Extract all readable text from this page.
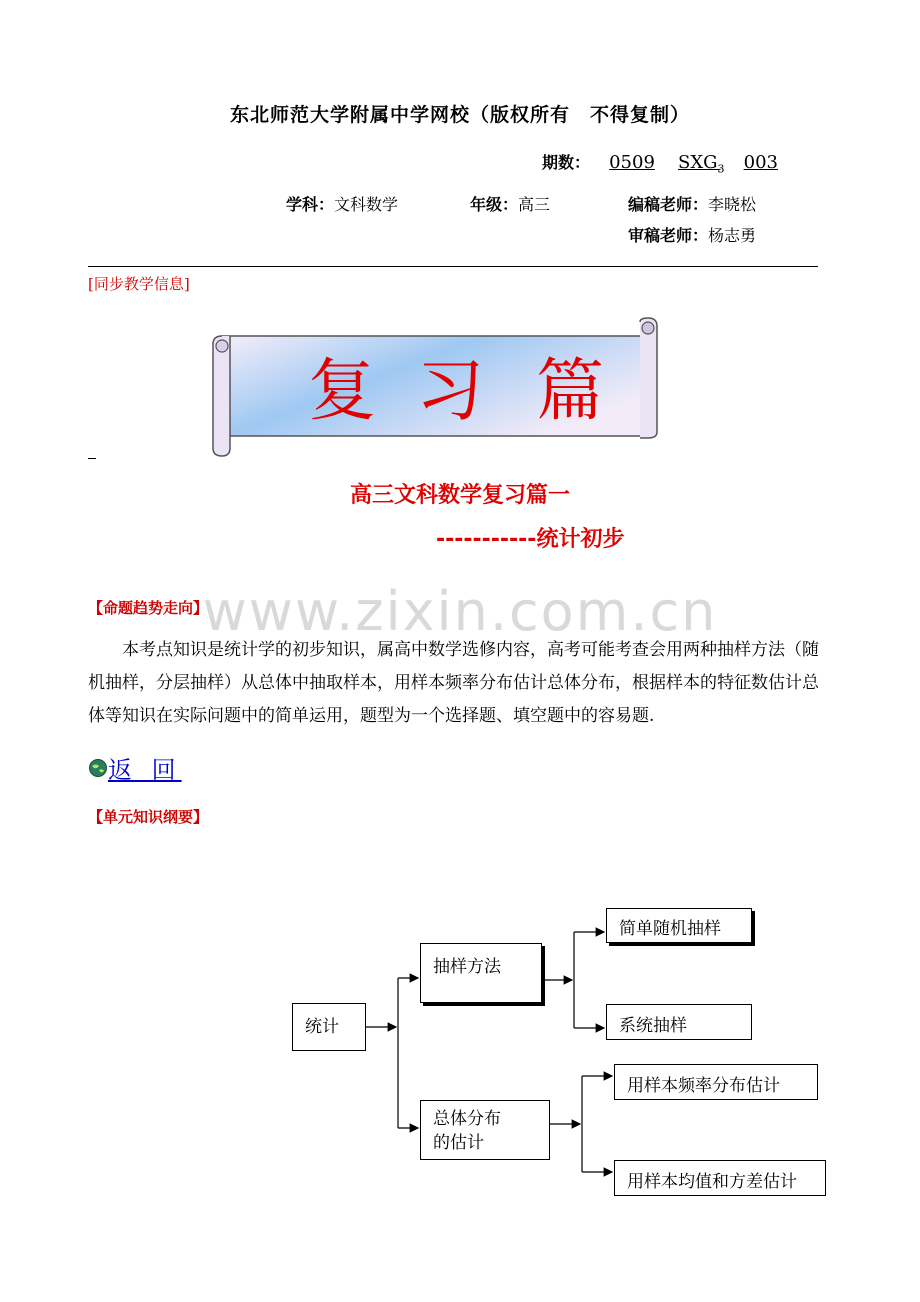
东北师范大学附属中学网校（版权所有　不得复制）
期数： 0509 $SXG_3$ 003
学科：文科数学	年级：高三	编稿老师：李晓松
审稿老师：杨志勇
[同步教学信息]
复 习 篇
高三文科数学复习篇一
-----------统计初步
www.zixin.com.cn
【命题趋势走向】
本考点知识是统计学的初步知识，属高中数学选修内容，高考可能考查会用两种抽样方法（随机抽样，分层抽样）从总体中抽取样本，用样本频率分布估计总体分布，根据样本的特征数估计总体等知识在实际问题中的简单运用，题型为一个选择题、填空题中的容易题.
返 回
【单元知识纲要】
统计
抽样方法
简单随机抽样
系统抽样
总体分布
的估计
用样本频率分布估计
用样本均值和方差估计
